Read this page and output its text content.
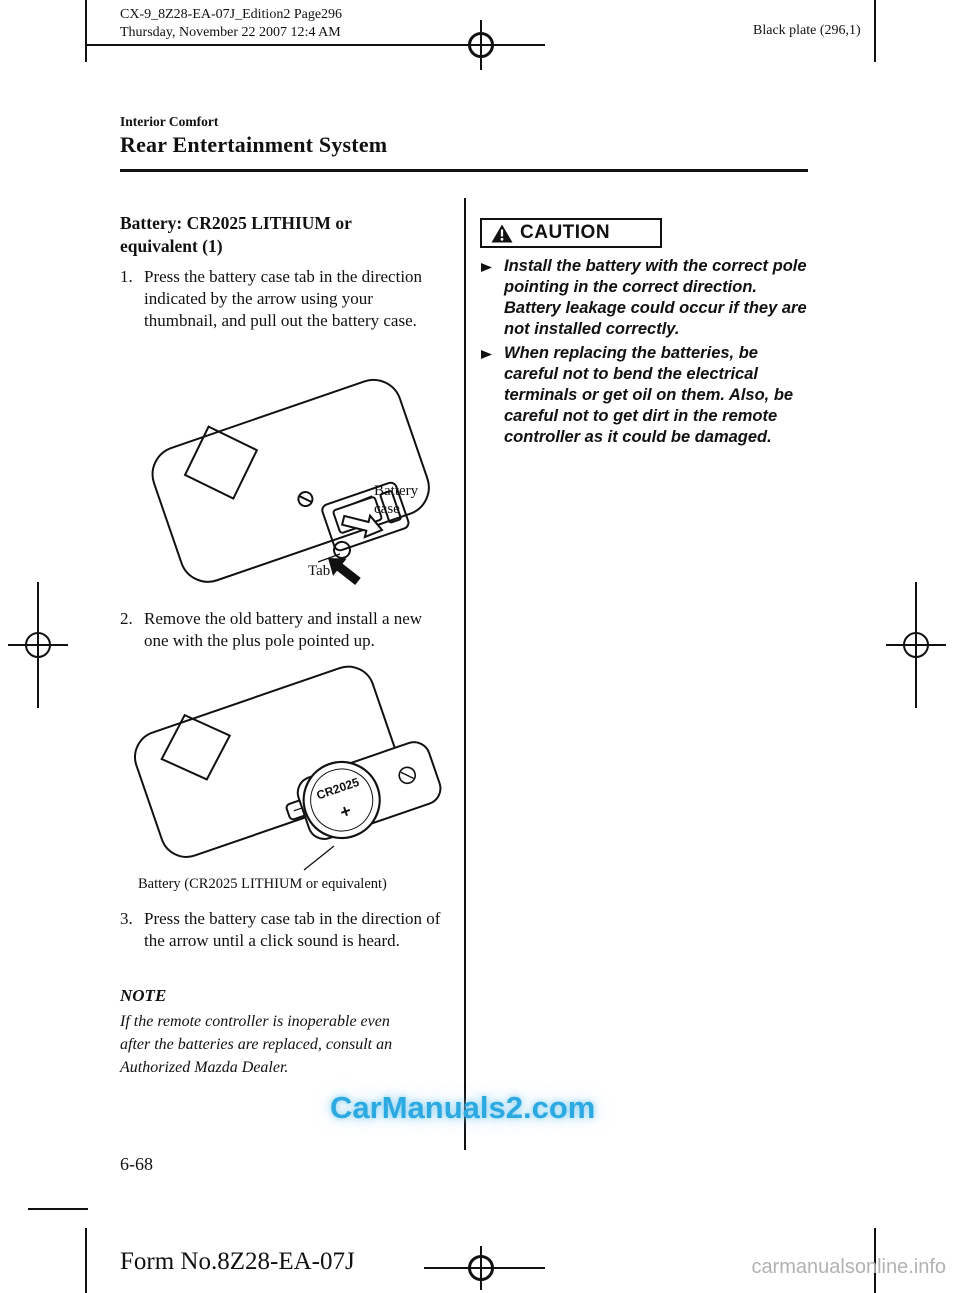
CX-9_8Z28-EA-07J_Edition2 Page296
Thursday, November 22 2007 12:4 AM	Black plate (296,1)
Interior Comfort
Rear Entertainment System
Battery: CR2025 LITHIUM or equivalent (1)
1. Press the battery case tab in the direction indicated by the arrow using your thumbnail, and pull out the battery case.
Battery case
Tab
2. Remove the old battery and install a new one with the plus pole pointed up.
CR2025
+
Battery (CR2025 LITHIUM or equivalent)
3. Press the battery case tab in the direction of the arrow until a click sound is heard.
NOTE
If the remote controller is inoperable even after the batteries are replaced, consult an Authorized Mazda Dealer.
CAUTION
Install the battery with the correct pole pointing in the correct direction. Battery leakage could occur if they are not installed correctly.
When replacing the batteries, be careful not to bend the electrical terminals or get oil on them. Also, be careful not to get dirt in the remote controller as it could be damaged.
CarManuals2.com
6-68
Form No.8Z28-EA-07J	carmanualsonline.info
